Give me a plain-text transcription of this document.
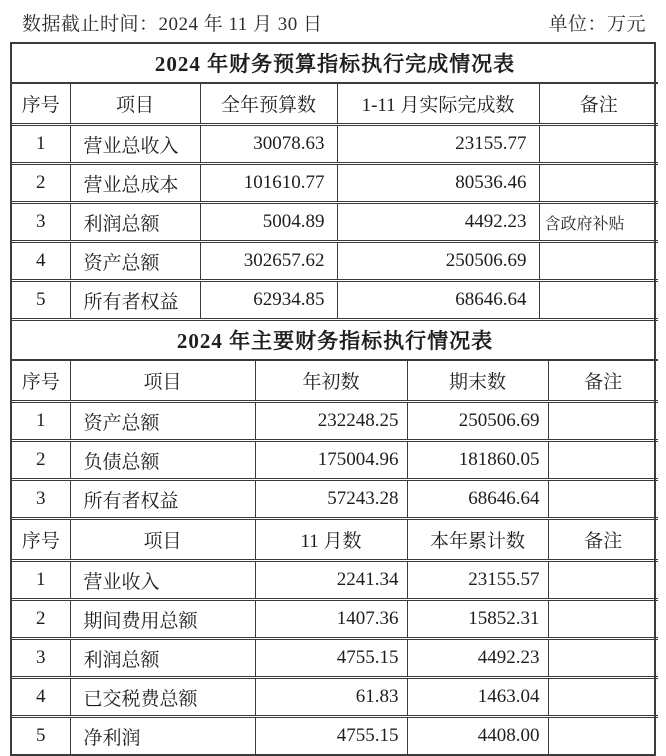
数据截止时间：2024 年 11 月 30 日	单位：万元
2024 年财务预算指标执行完成情况表				
序号	项目	全年预算数	1-11 月实际完成数	备注
1	营业总收入	30078.63	23155.77	
2	营业总成本	101610.77	80536.46	
3	利润总额	5004.89	4492.23	含政府补贴
4	资产总额	302657.62	250506.69	
5	所有者权益	62934.85	68646.64	
2024 年主要财务指标执行情况表				
序号	项目	年初数	期末数	备注
1	资产总额	232248.25	250506.69	
2	负债总额	175004.96	181860.05	
3	所有者权益	57243.28	68646.64	
序号	项目	11 月数	本年累计数	备注
1	营业收入	2241.34	23155.57	
2	期间费用总额	1407.36	15852.31	
3	利润总额	4755.15	4492.23	
4	已交税费总额	61.83	1463.04	
5	净利润	4755.15	4408.00	
